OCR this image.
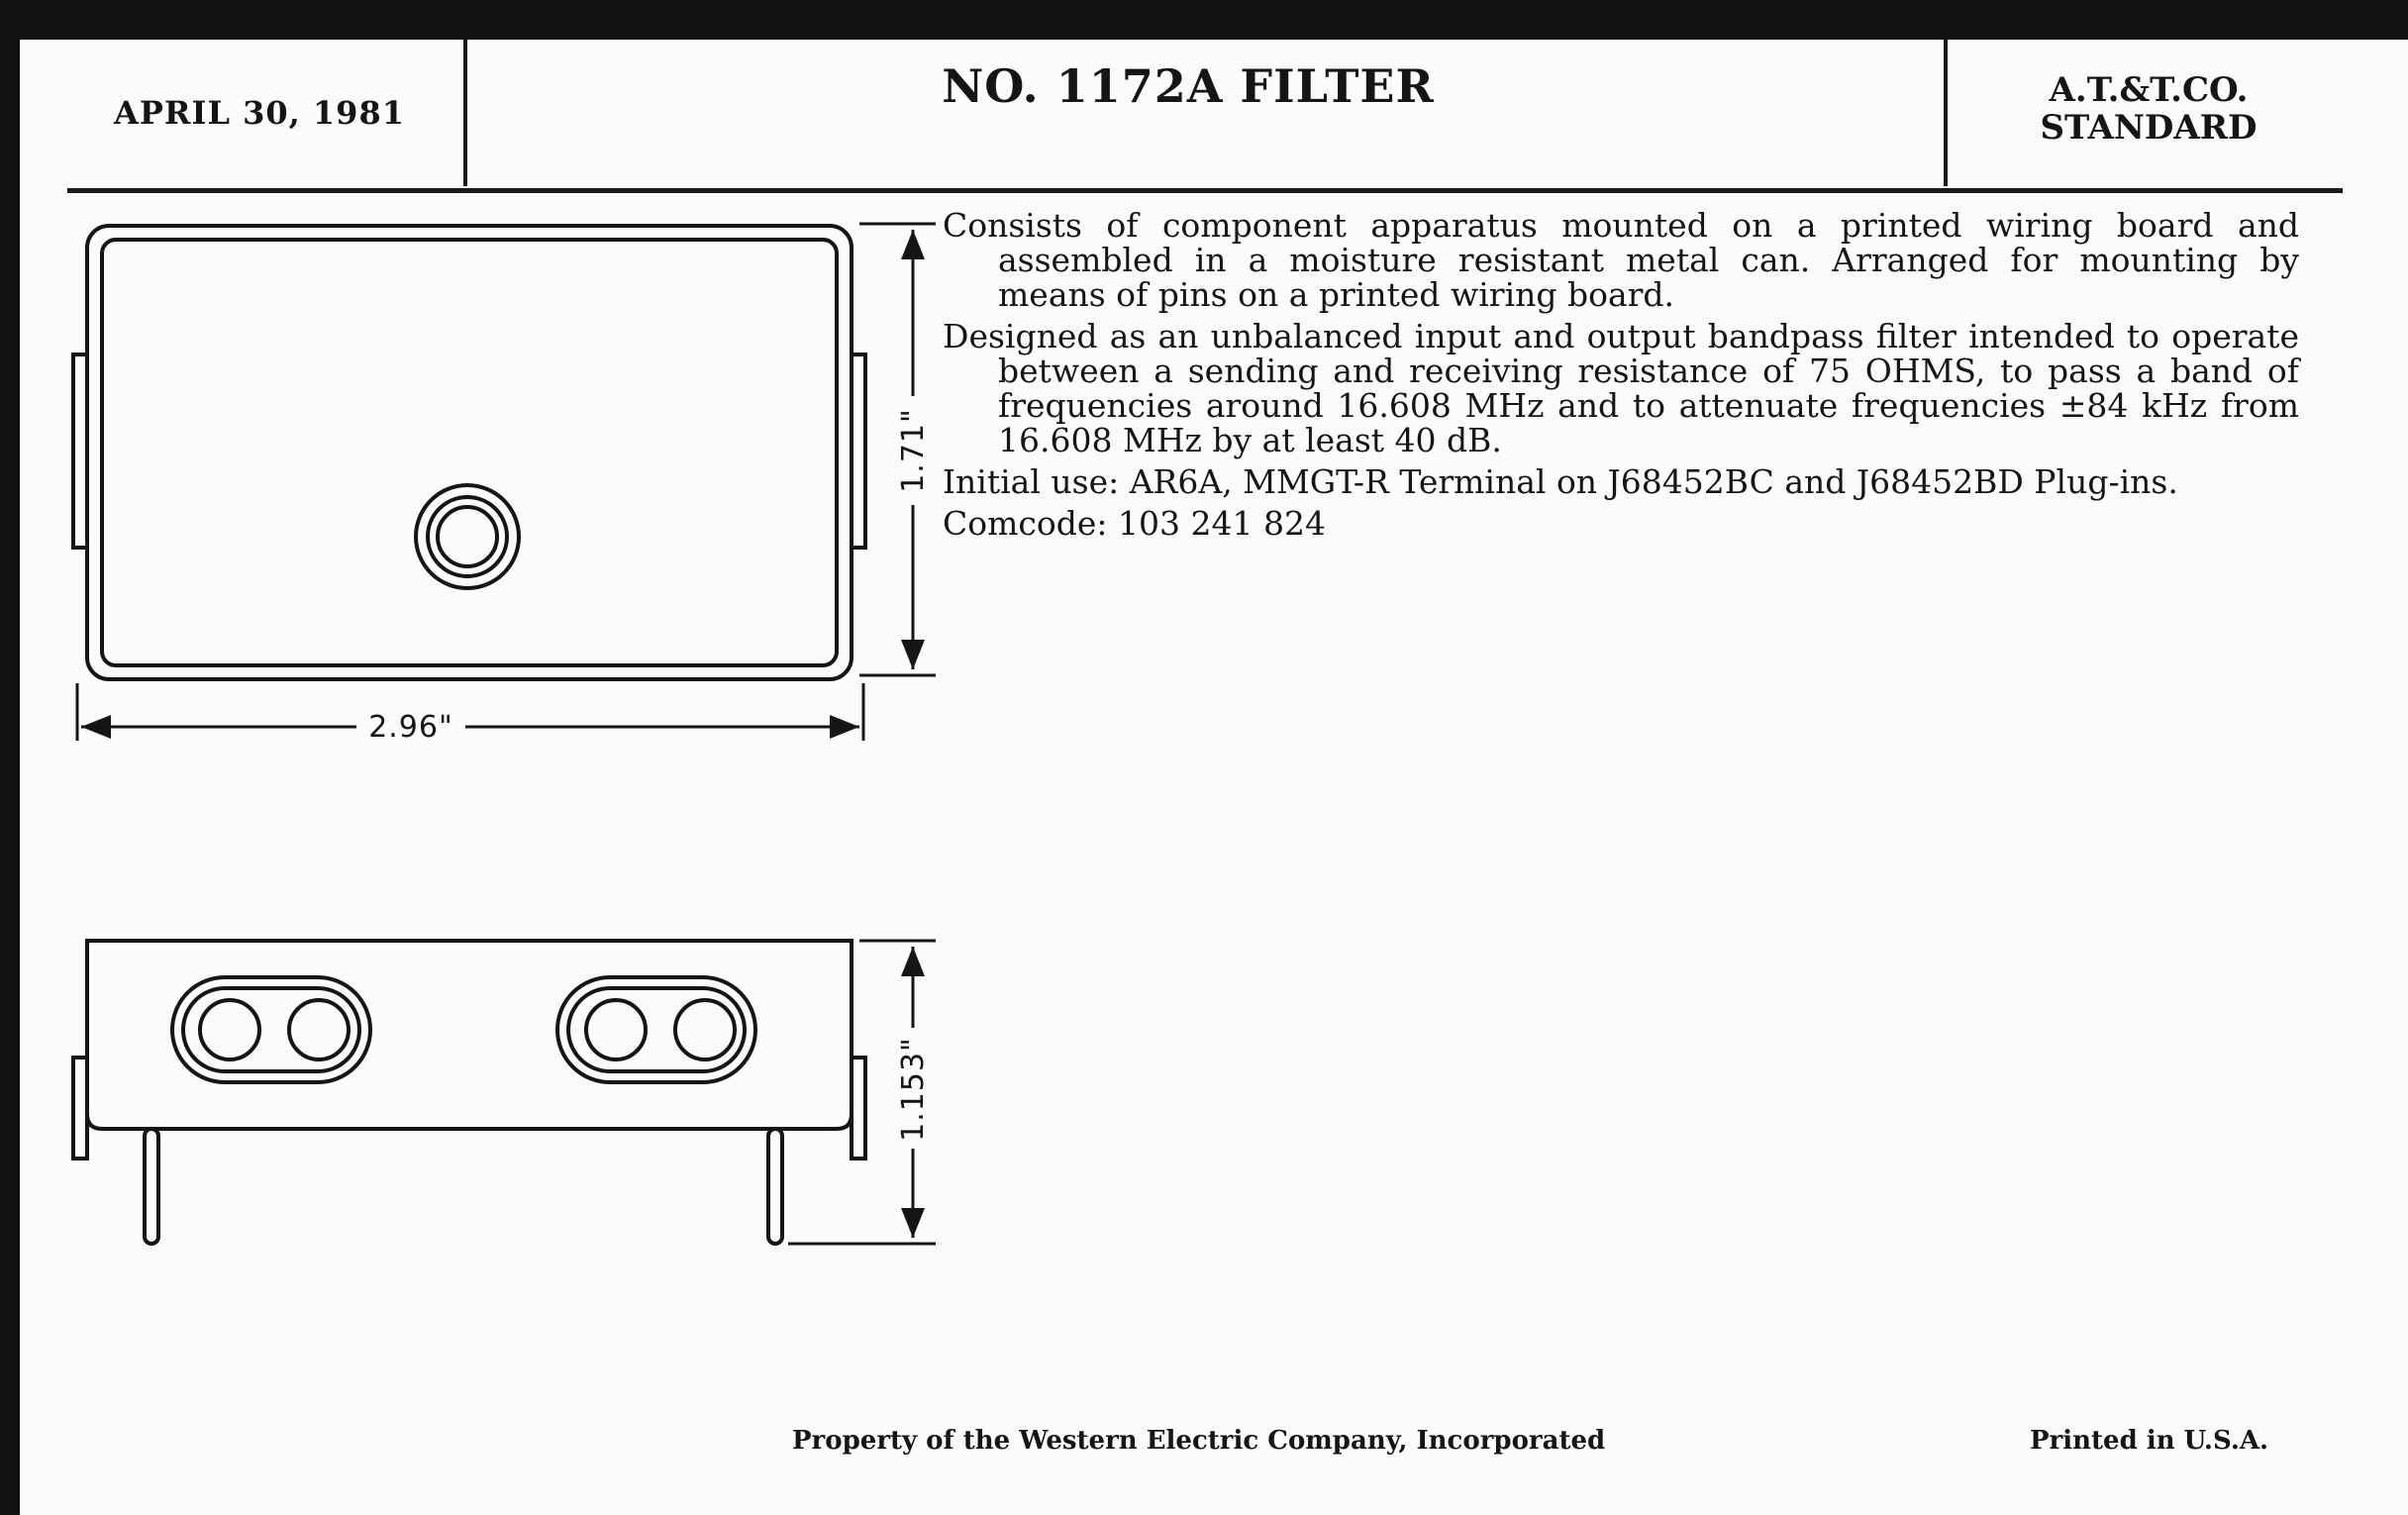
APRIL 30, 1981	NO. 1172A FILTER	A.T.&T.CO.
STANDARD

Consists of component apparatus mounted on a printed wiring board and assembled in a moisture resistant metal can. Arranged for mounting by means of pins on a printed wiring board.

Designed as an unbalanced input and output bandpass filter intended to operate between a sending and receiving resistance of 75 OHMS, to pass a band of frequencies around 16.608 MHz and to attenuate frequencies ±84 kHz from 16.608 MHz by at least 40 dB.

Initial use: AR6A, MMGT-R Terminal on J68452BC and J68452BD Plug-ins.

Comcode: 103 241 824

2.96"
1.71"
1.153"
Property of the Western Electric Company, Incorporated	Printed in U.S.A.
